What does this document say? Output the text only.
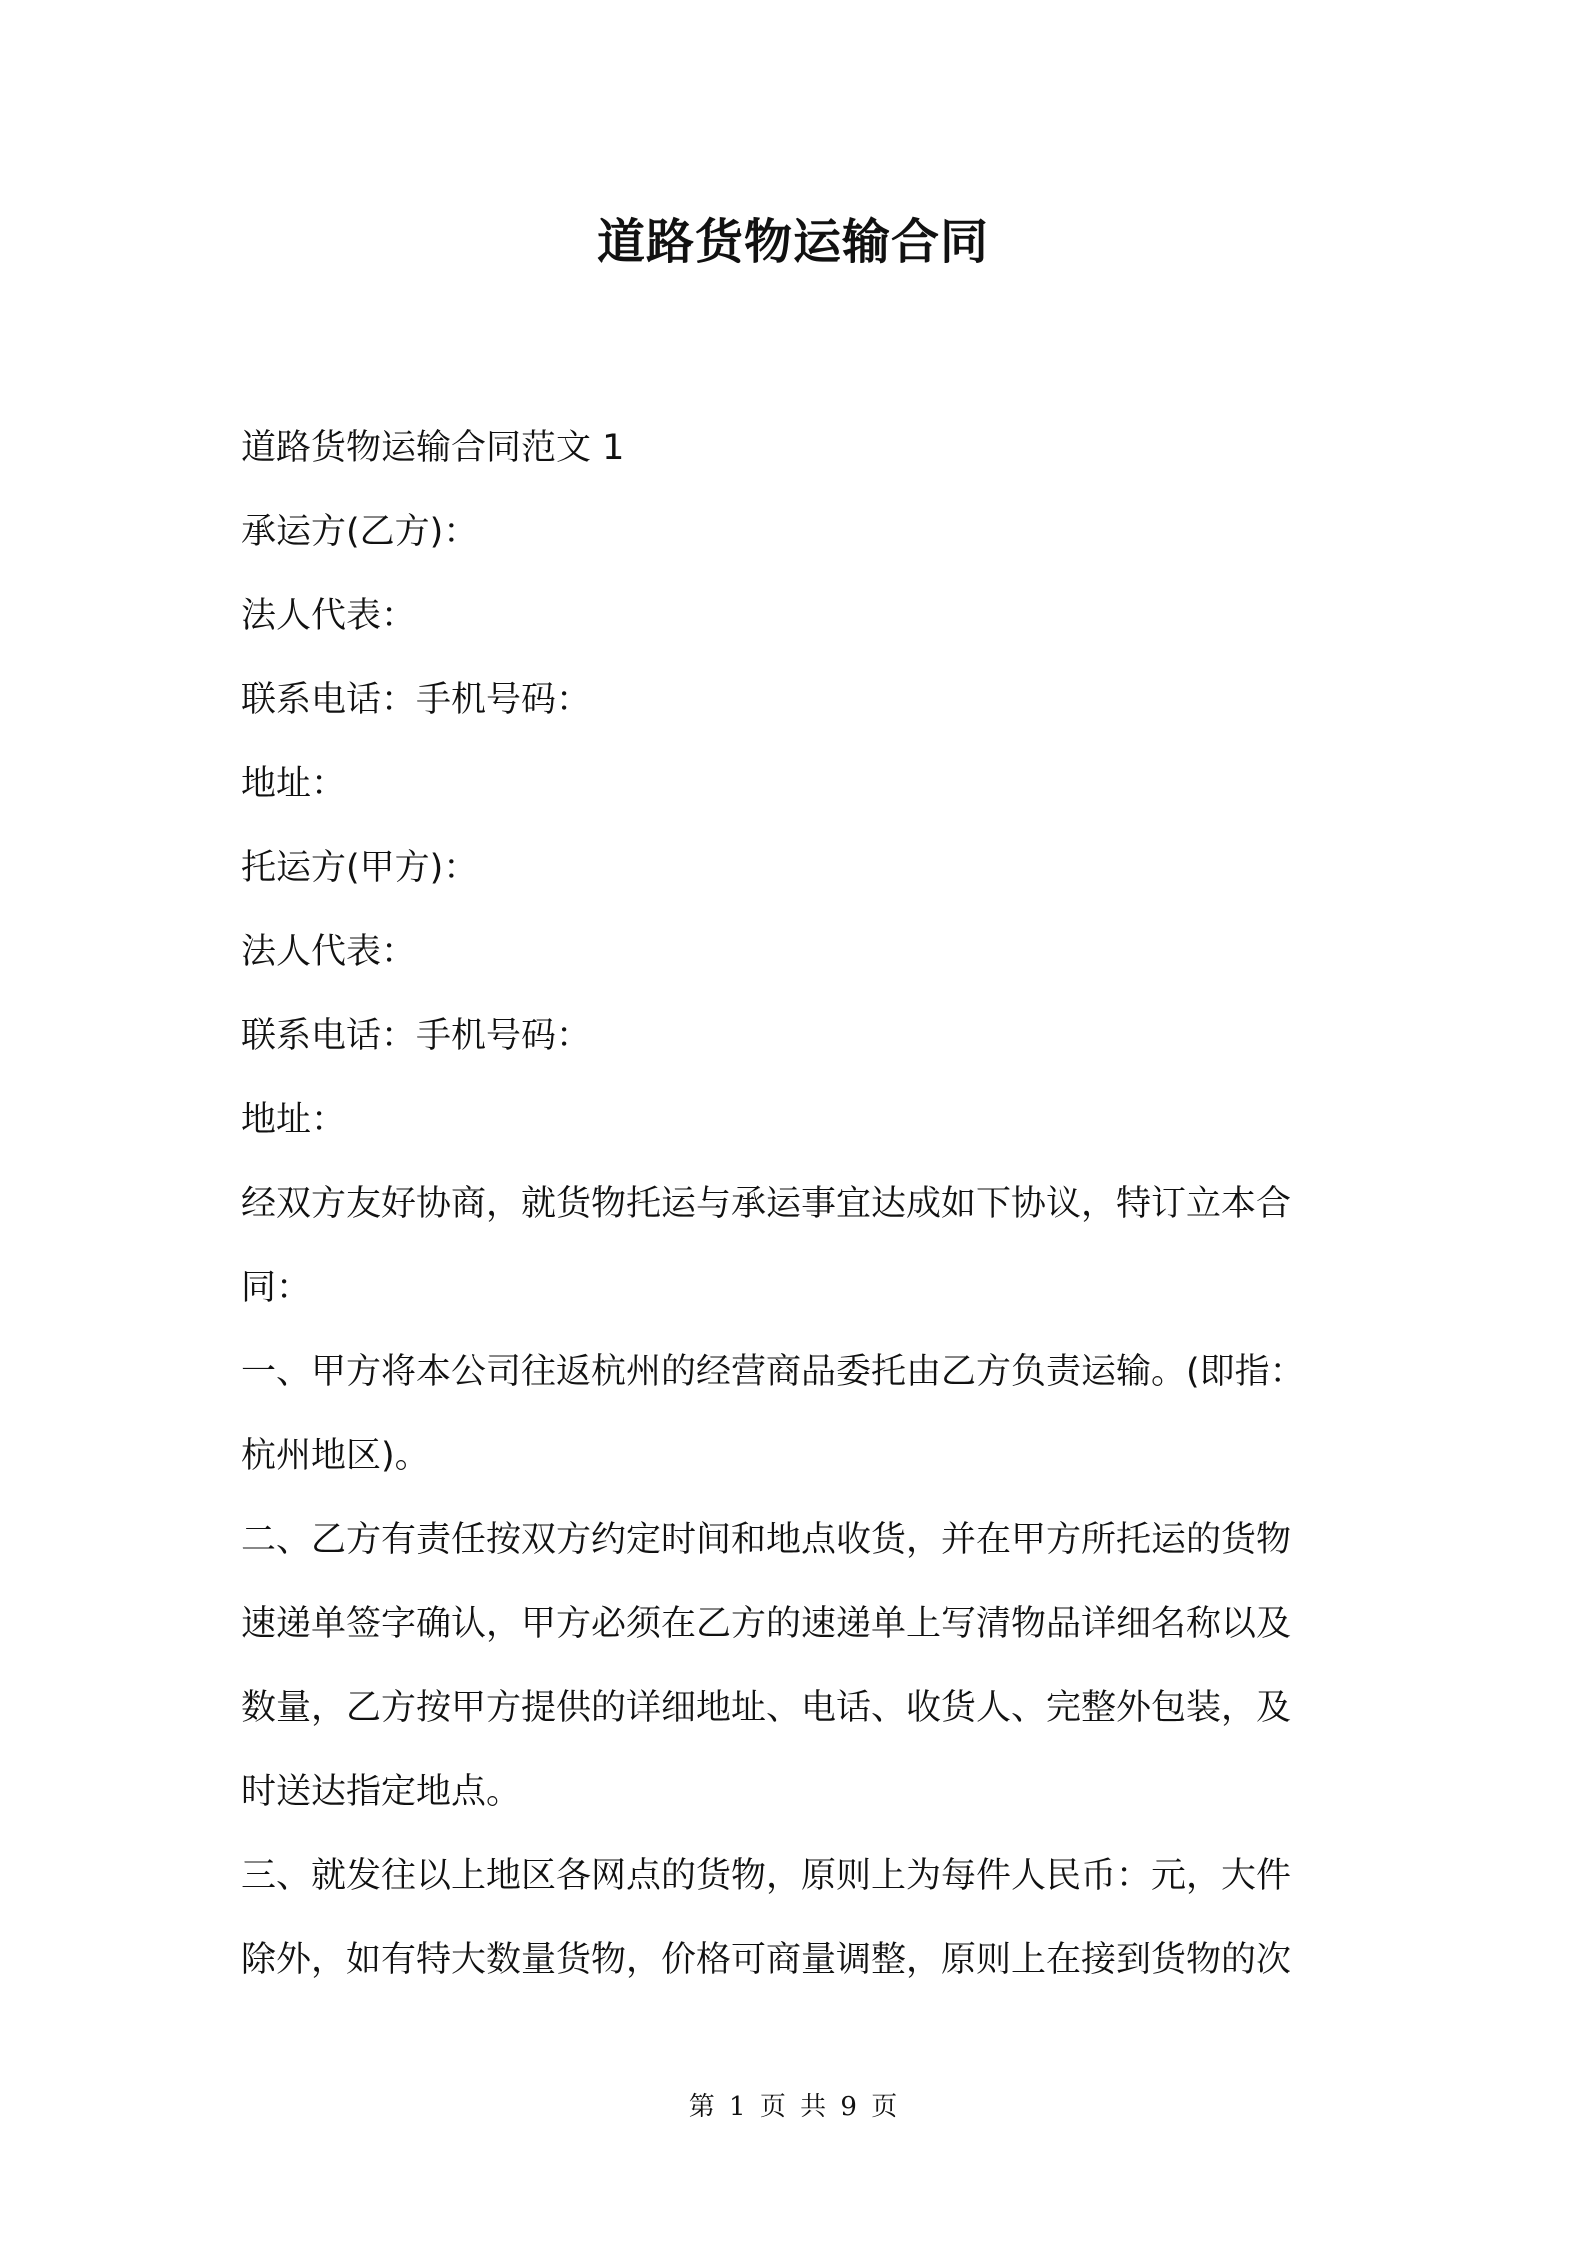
道路货物运输合同
道路货物运输合同范文 1
承运方(乙方)：
法人代表：
联系电话：手机号码：
地址：
托运方(甲方)：
法人代表：
联系电话：手机号码：
地址：
经双方友好协商，就货物托运与承运事宜达成如下协议，特订立本合
同：
一、甲方将本公司往返杭州的经营商品委托由乙方负责运输。(即指：
杭州地区)。
二、乙方有责任按双方约定时间和地点收货，并在甲方所托运的货物
速递单签字确认，甲方必须在乙方的速递单上写清物品详细名称以及
数量，乙方按甲方提供的详细地址、电话、收货人、完整外包装，及
时送达指定地点。
三、就发往以上地区各网点的货物，原则上为每件人民币：元，大件
除外，如有特大数量货物，价格可商量调整，原则上在接到货物的次
第 1 页 共 9 页
